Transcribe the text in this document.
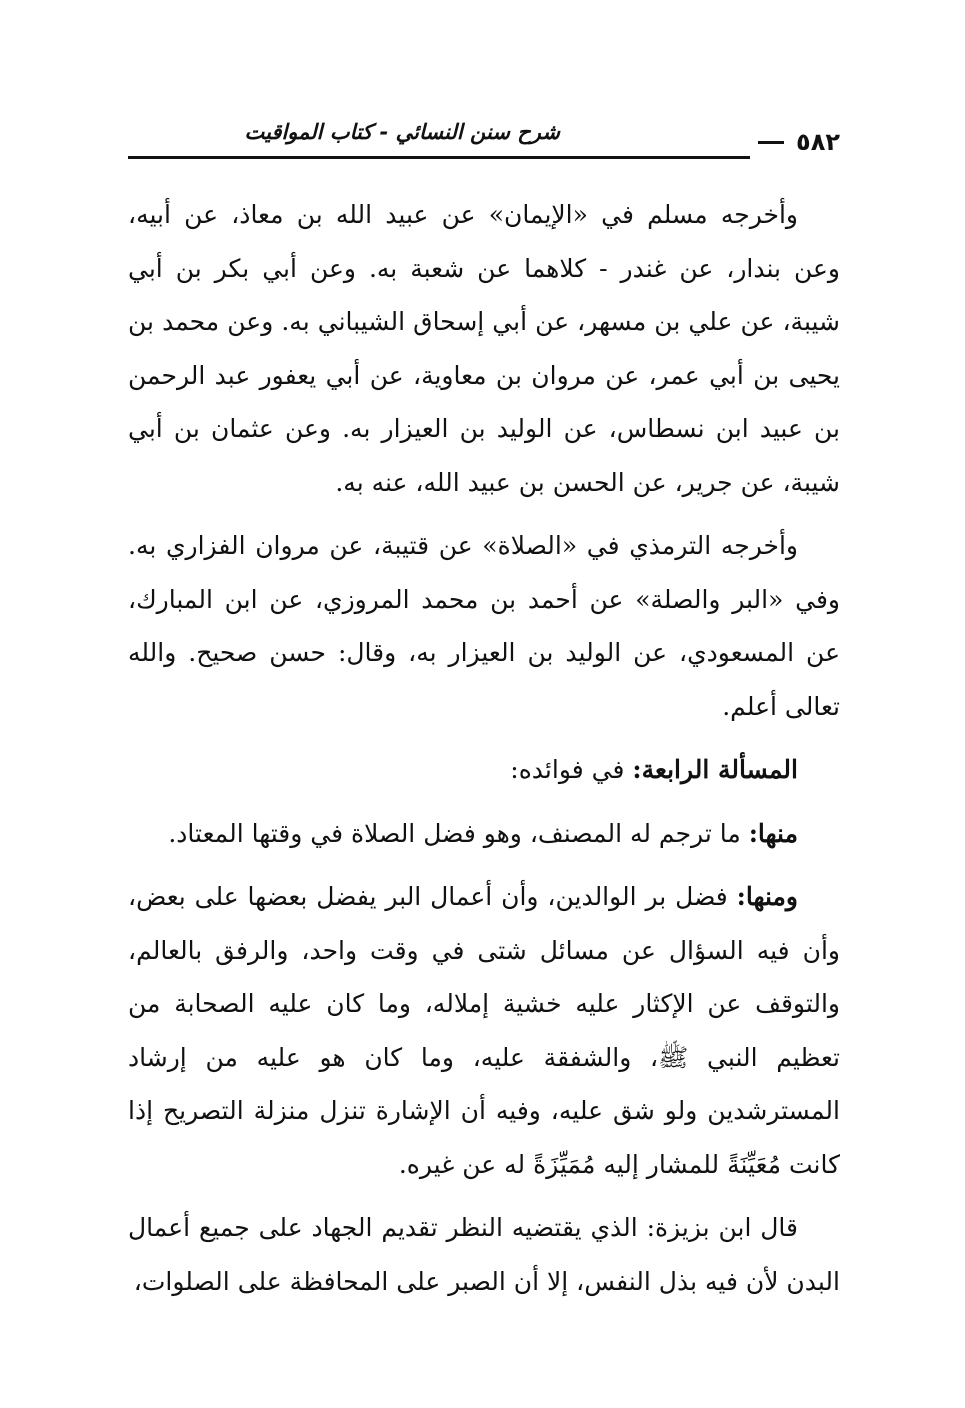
٥٨٢
شرح سنن النسائي - كتاب المواقيت

وأخرجه مسلم في «الإيمان» عن عبيد الله بن معاذ، عن أبيه، وعن بندار، عن غندر - كلاهما عن شعبة به. وعن أبي بكر بن أبي شيبة، عن علي بن مسهر، عن أبي إسحاق الشيباني به. وعن محمد بن يحيى بن أبي عمر، عن مروان بن معاوية، عن أبي يعفور عبد الرحمن بن عبيد ابن نسطاس، عن الوليد بن العيزار به. وعن عثمان بن أبي شيبة، عن جرير، عن الحسن بن عبيد الله، عنه به.

وأخرجه الترمذي في «الصلاة» عن قتيبة، عن مروان الفزاري به. وفي «البر والصلة» عن أحمد بن محمد المروزي، عن ابن المبارك، عن المسعودي، عن الوليد بن العيزار به، وقال: حسن صحيح. والله تعالى أعلم.

المسألة الرابعة: في فوائده:

منها: ما ترجم له المصنف، وهو فضل الصلاة في وقتها المعتاد.

ومنها: فضل بر الوالدين، وأن أعمال البر يفضل بعضها على بعض، وأن فيه السؤال عن مسائل شتى في وقت واحد، والرفق بالعالم، والتوقف عن الإكثار عليه خشية إملاله، وما كان عليه الصحابة من تعظيم النبي ﷺ، والشفقة عليه، وما كان هو عليه من إرشاد المسترشدين ولو شق عليه، وفيه أن الإشارة تنزل منزلة التصريح إذا كانت مُعَيِّنَةً للمشار إليه مُمَيِّزَةً له عن غيره.

قال ابن بزيزة: الذي يقتضيه النظر تقديم الجهاد على جميع أعمال البدن لأن فيه بذل النفس، إلا أن الصبر على المحافظة على الصلوات،
